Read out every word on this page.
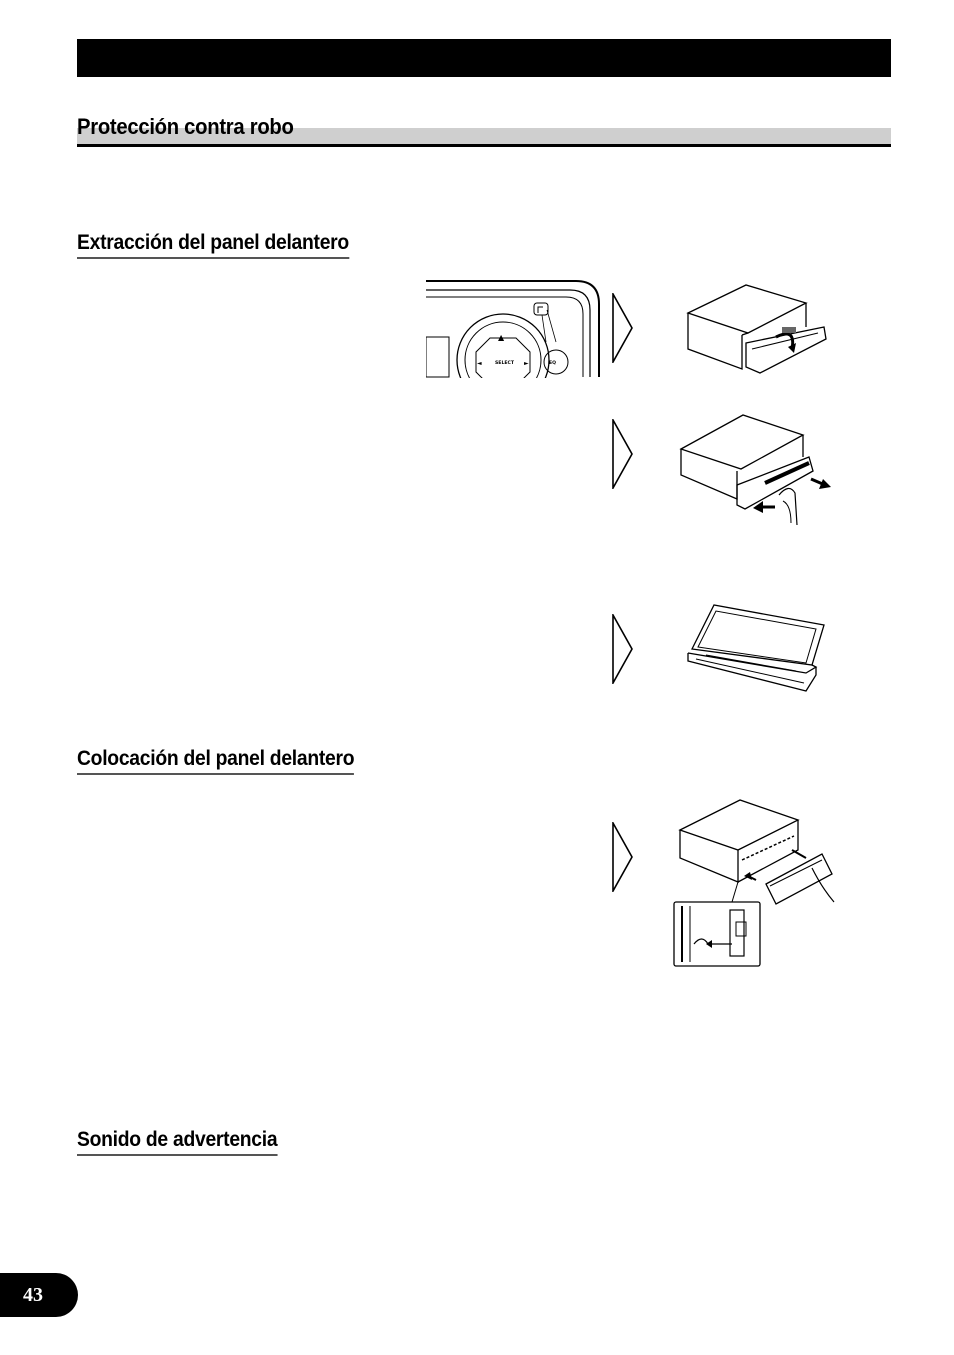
Protección contra robo
Extracción del panel delantero
Colocación del panel delantero
Sonido de advertencia
▲
◄	►
SELECT	EQ
43
